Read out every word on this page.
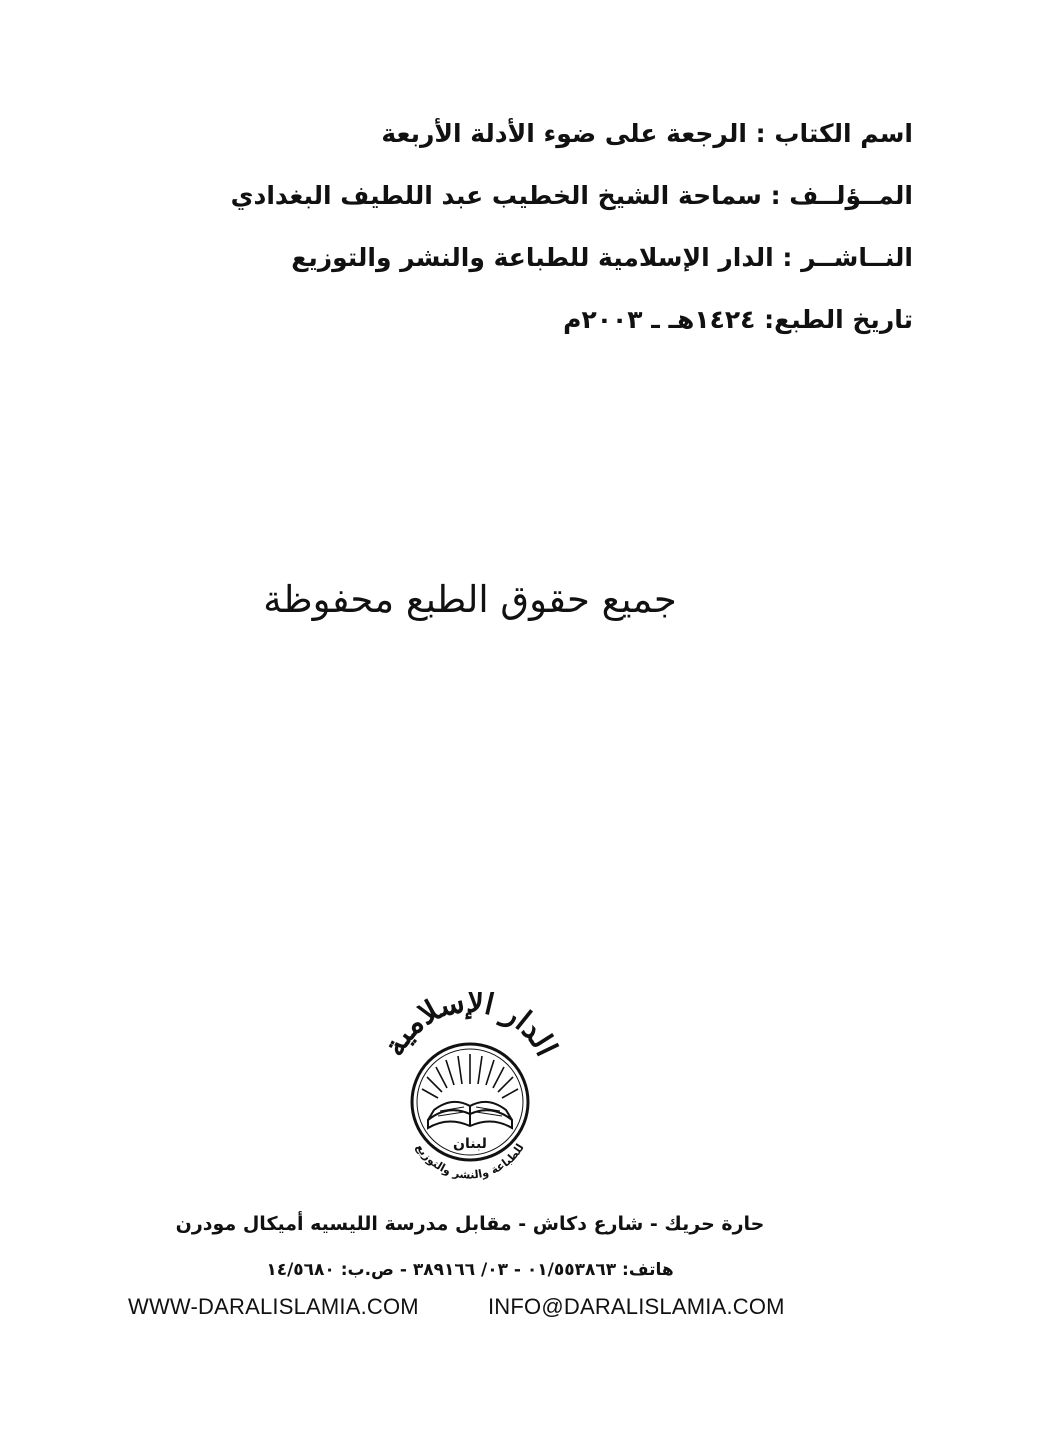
اسم الكتاب : الرجعة على ضوء الأدلة الأربعة
المــؤلــف : سماحة الشيخ الخطيب عبد اللطيف البغدادي
النــاشــر : الدار الإسلامية للطباعة والنشر والتوزيع
تاريخ الطبع: ١٤٢٤هـ ـ ٢٠٠٣م
جميع حقوق الطبع محفوظة
الدار الإسلامية
لبنان
للطباعة والنشر والتوزيع
حارة حريك - شارع دكاش - مقابل مدرسة الليسيه أميكال مودرن
هاتف: ٠١/٥٥٣٨٦٣ - ٠٣/ ٣٨٩١٦٦ - ص.ب: ١٤/٥٦٨٠
WWW-DARALISLAMIA.COM	INFO@DARALISLAMIA.COM
